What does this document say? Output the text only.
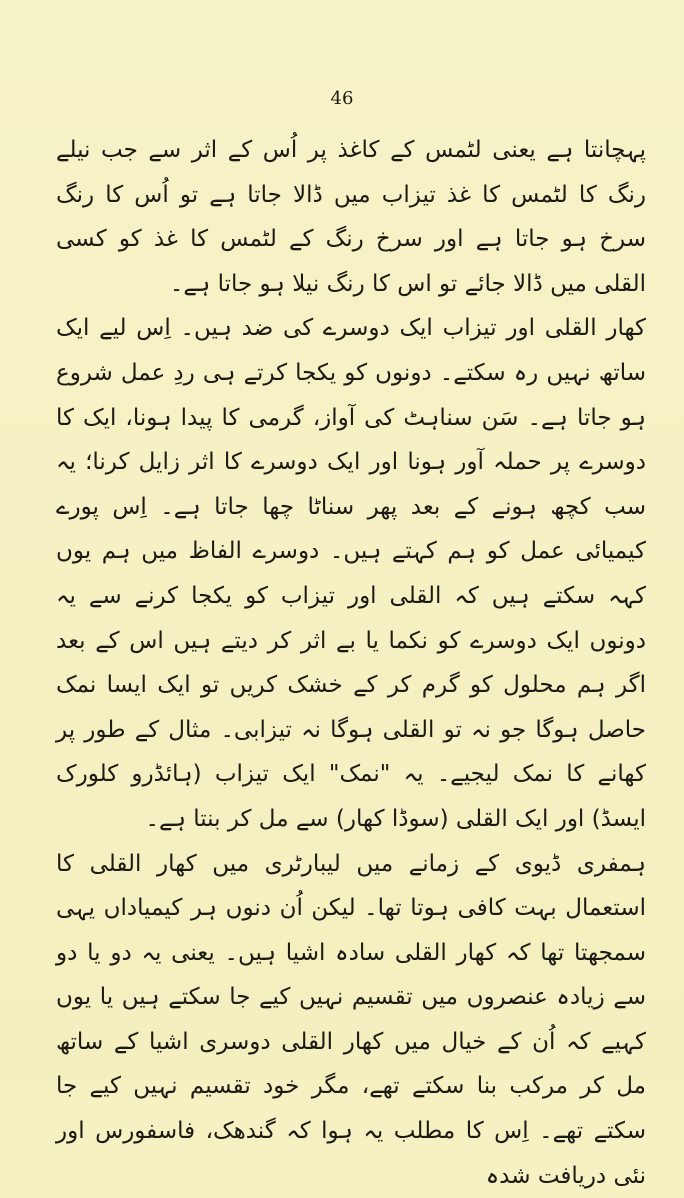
46

پہچانتا ہے یعنی لٹمس کے کاغذ پر اُس کے اثر سے جب نیلے رنگ کا لٹمس کا غذ تیزاب میں ڈالا جاتا ہے تو اُس کا رنگ سرخ ہو جاتا ہے اور سرخ رنگ کے لٹمس کا غذ کو کسی القلی میں ڈالا جائے تو اس کا رنگ نیلا ہو جاتا ہے۔

کھار القلی اور تیزاب ایک دوسرے کی ضد ہیں۔ اِس لیے ایک ساتھ نہیں رہ سکتے۔ دونوں کو یکجا کرتے ہی ردِ عمل شروع ہو جاتا ہے۔ سَن سناہٹ کی آواز، گرمی کا پیدا ہونا، ایک کا دوسرے پر حملہ آور ہونا اور ایک دوسرے کا اثر زایل کرنا؛ یہ سب کچھ ہونے کے بعد پھر سناٹا چھا جاتا ہے۔ اِس پورے کیمیائی عمل کو ہم کہتے ہیں۔ دوسرے الفاظ میں ہم یوں کہہ سکتے ہیں کہ القلی اور تیزاب کو یکجا کرنے سے یہ دونوں ایک دوسرے کو نکما یا بے اثر کر دیتے ہیں اس کے بعد اگر ہم محلول کو گرم کر کے خشک کریں تو ایک ایسا نمک حاصل ہوگا جو نہ تو القلی ہوگا نہ تیزابی۔ مثال کے طور پر کھانے کا نمک لیجیے۔ یہ "نمک" ایک تیزاب (ہائڈرو کلورک ایسڈ) اور ایک القلی (سوڈا کھار) سے مل کر بنتا ہے۔

ہمفری ڈیوی کے زمانے میں لیبارٹری میں کھار القلی کا استعمال بہت کافی ہوتا تھا۔ لیکن اُن دنوں ہر کیمیاداں یہی سمجھتا تھا کہ کھار القلی سادہ اشیا ہیں۔ یعنی یہ دو یا دو سے زیادہ عنصروں میں تقسیم نہیں کیے جا سکتے ہیں یا یوں کہیے کہ اُن کے خیال میں کھار القلی دوسری اشیا کے ساتھ مل کر مرکب بنا سکتے تھے، مگر خود تقسیم نہیں کیے جا سکتے تھے۔ اِس کا مطلب یہ ہوا کہ گندھک، فاسفورس اور نئی دریافت شدہ
